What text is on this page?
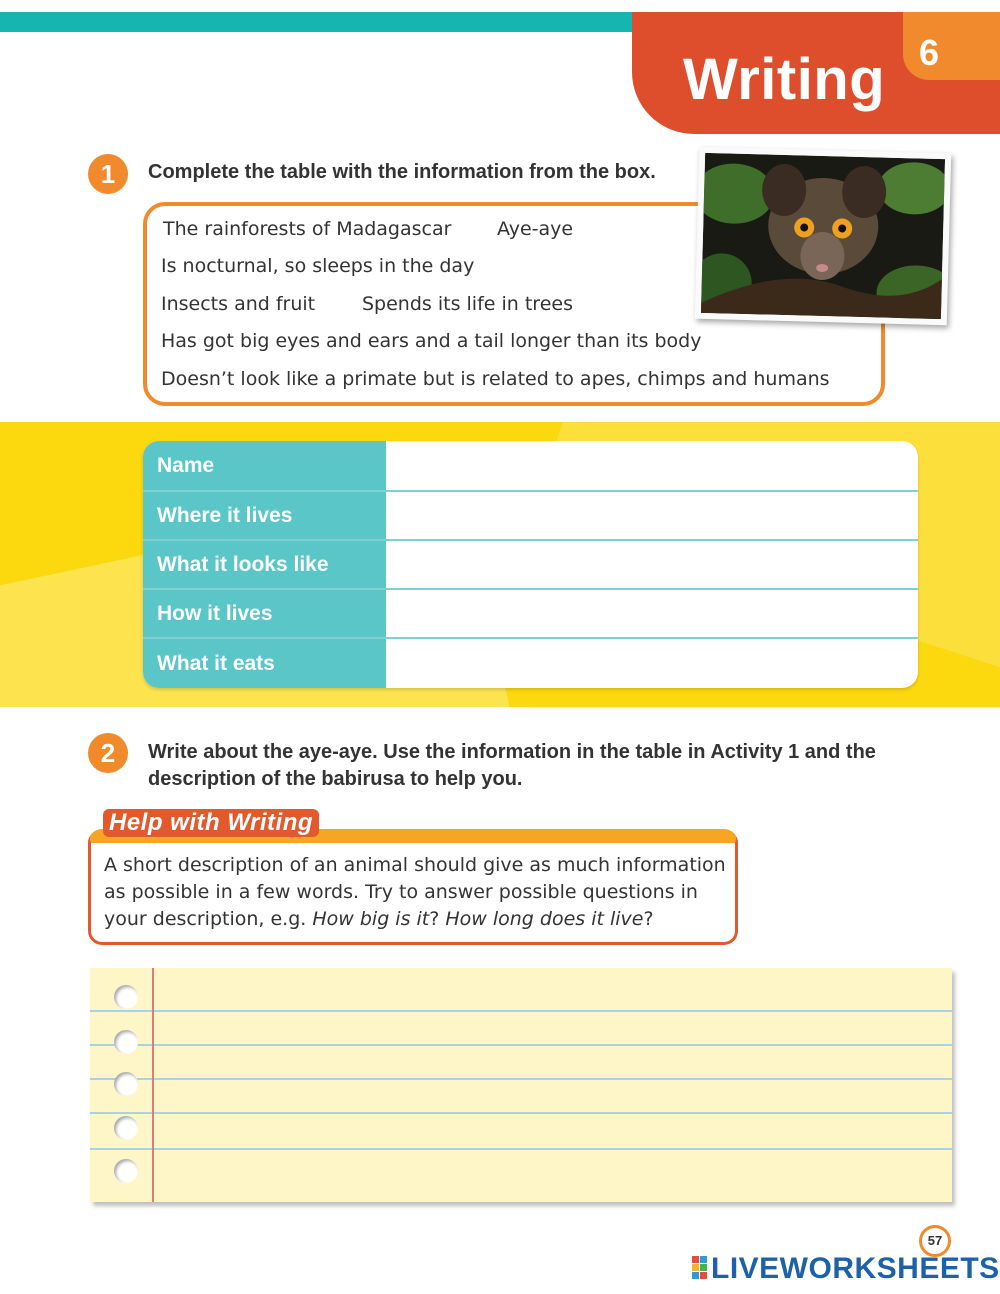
Writing 6
1	Complete the table with the information from the box.
The rainforests of Madagascar Aye-aye
Is nocturnal, so sleeps in the day
Insects and fruit Spends its life in trees
Has got big eyes and ears and a tail longer than its body
Doesn’t look like a primate but is related to apes, chimps and humans
Name
Where it lives
What it looks like
How it lives
What it eats
2	Write about the aye-aye. Use the information in the table in Activity 1 and the
description of the babirusa to help you.
Help with Writing
A short description of an animal should give as much information as possible in a few words. Try to answer possible questions in your description, e.g. How big is it? How long does it live?
57
LIVEWORKSHEETS
